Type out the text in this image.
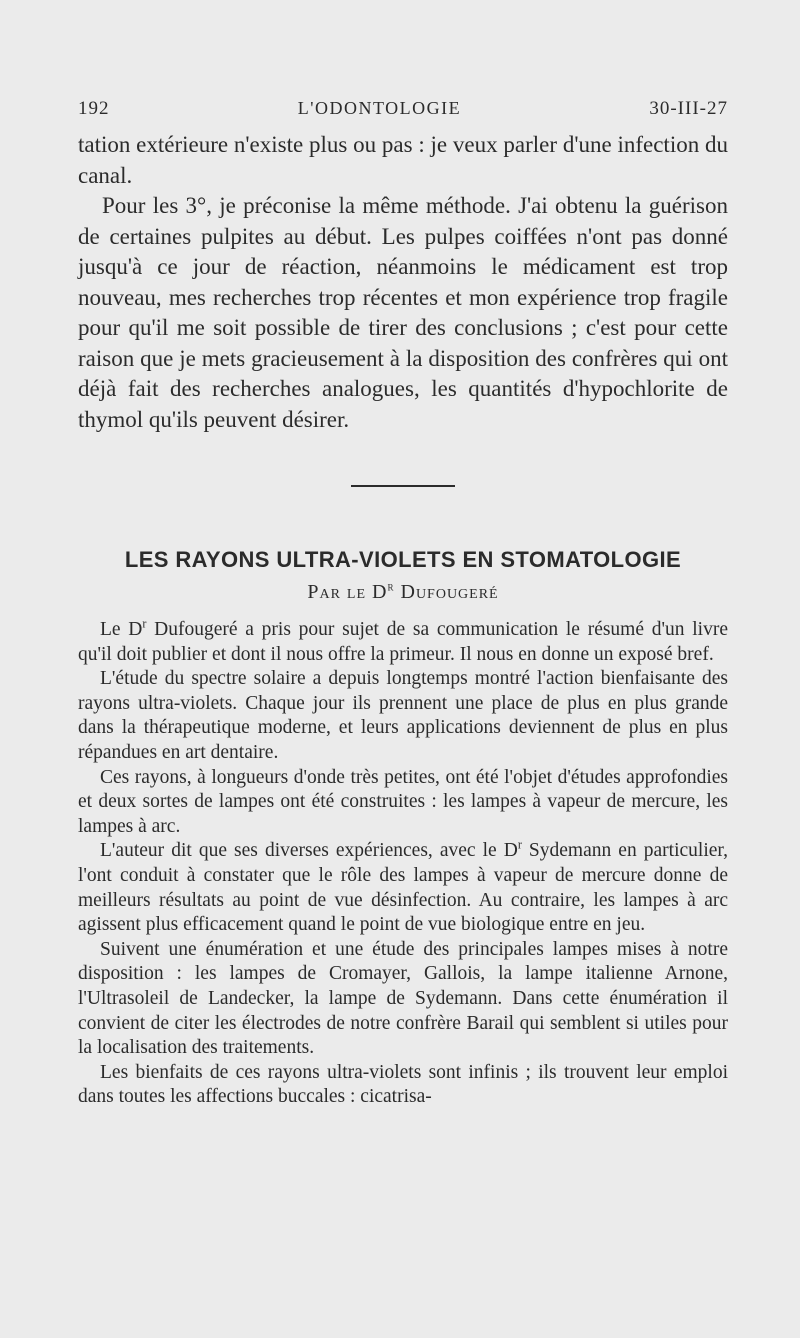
192	L'ODONTOLOGIE	30-III-27

tation extérieure n'existe plus ou pas : je veux parler d'une infection du canal.

Pour les 3°, je préconise la même méthode. J'ai obtenu la guérison de certaines pulpites au début. Les pulpes coiffées n'ont pas donné jusqu'à ce jour de réaction, néanmoins le médicament est trop nouveau, mes recherches trop récentes et mon expérience trop fragile pour qu'il me soit possible de tirer des conclusions ; c'est pour cette raison que je mets gracieusement à la disposition des confrères qui ont déjà fait des recherches analogues, les quantités d'hypochlorite de thymol qu'ils peuvent désirer.

LES RAYONS ULTRA-VIOLETS EN STOMATOLOGIE

Par le $D^r$ Dufougeré

Le $D^r$ Dufougeré a pris pour sujet de sa communication le résumé d'un livre qu'il doit publier et dont il nous offre la primeur. Il nous en donne un exposé bref.

L'étude du spectre solaire a depuis longtemps montré l'action bienfaisante des rayons ultra-violets. Chaque jour ils prennent une place de plus en plus grande dans la thérapeutique moderne, et leurs applications deviennent de plus en plus répandues en art dentaire.

Ces rayons, à longueurs d'onde très petites, ont été l'objet d'études approfondies et deux sortes de lampes ont été construites : les lampes à vapeur de mercure, les lampes à arc.

L'auteur dit que ses diverses expériences, avec le $D^r$ Sydemann en particulier, l'ont conduit à constater que le rôle des lampes à vapeur de mercure donne de meilleurs résultats au point de vue désinfection. Au contraire, les lampes à arc agissent plus efficacement quand le point de vue biologique entre en jeu.

Suivent une énumération et une étude des principales lampes mises à notre disposition : les lampes de Cromayer, Gallois, la lampe italienne Arnone, l'Ultrasoleil de Landecker, la lampe de Sydemann. Dans cette énumération il convient de citer les électrodes de notre confrère Barail qui semblent si utiles pour la localisation des traitements.

Les bienfaits de ces rayons ultra-violets sont infinis ; ils trouvent leur emploi dans toutes les affections buccales : cicatrisa-
